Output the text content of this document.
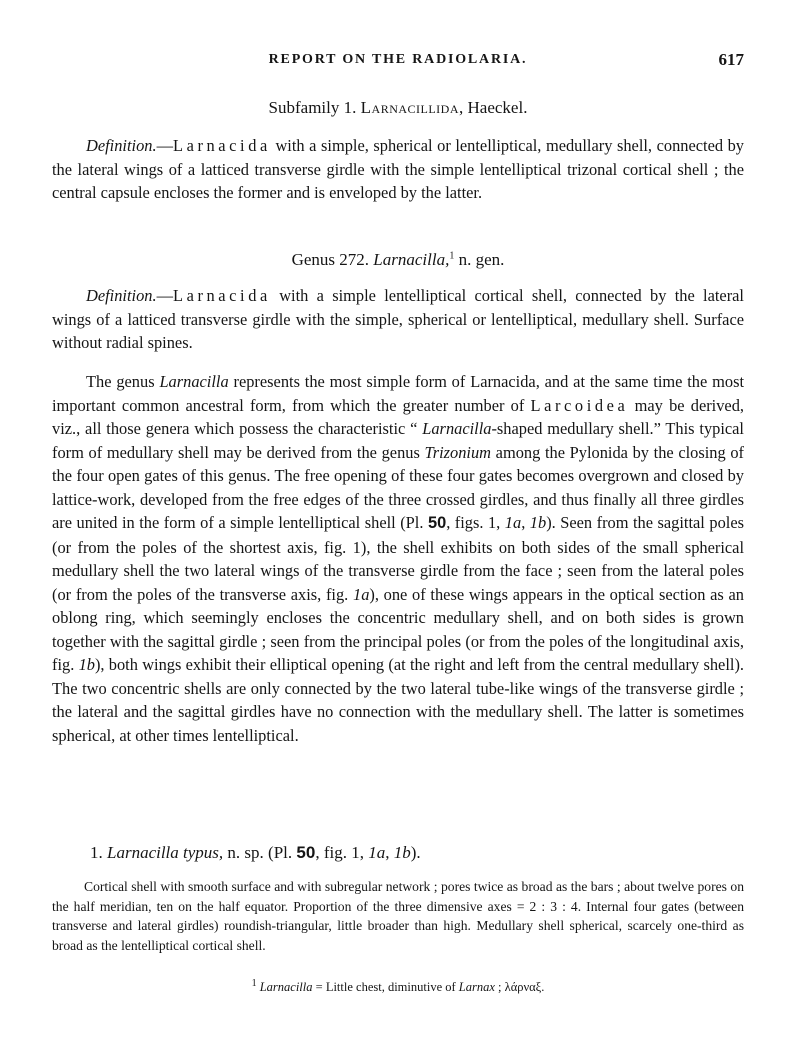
REPORT ON THE RADIOLARIA.	617
Subfamily 1. Larnacillida, Haeckel.

Definition.—Larnacida with a simple, spherical or lentelliptical, medullary shell, connected by the lateral wings of a latticed transverse girdle with the simple lentelliptical trizonal cortical shell ; the central capsule encloses the former and is enveloped by the latter.

Genus 272. Larnacilla,$^1$ n. gen.

Definition.—Larnacida with a simple lentelliptical cortical shell, connected by the lateral wings of a latticed transverse girdle with the simple, spherical or lentelliptical, medullary shell. Surface without radial spines.

The genus Larnacilla represents the most simple form of Larnacida, and at the same time the most important common ancestral form, from which the greater number of Larcoidea may be derived, viz., all those genera which possess the characteristic “ Larnacilla-shaped medullary shell.” This typical form of medullary shell may be derived from the genus Trizonium among the Pylonida by the closing of the four open gates of this genus. The free opening of these four gates becomes overgrown and closed by lattice-work, developed from the free edges of the three crossed girdles, and thus finally all three girdles are united in the form of a simple lentelliptical shell (Pl. 50, figs. 1, 1a, 1b). Seen from the sagittal poles (or from the poles of the shortest axis, fig. 1), the shell exhibits on both sides of the small spherical medullary shell the two lateral wings of the transverse girdle from the face ; seen from the lateral poles (or from the poles of the transverse axis, fig. 1a), one of these wings appears in the optical section as an oblong ring, which seemingly encloses the concentric medullary shell, and on both sides is grown together with the sagittal girdle ; seen from the principal poles (or from the poles of the longitudinal axis, fig. 1b), both wings exhibit their elliptical opening (at the right and left from the central medullary shell). The two concentric shells are only connected by the two lateral tube-like wings of the transverse girdle ; the lateral and the sagittal girdles have no connection with the medullary shell. The latter is sometimes spherical, at other times lentelliptical.

1. Larnacilla typus, n. sp. (Pl. 50, fig. 1, 1a, 1b).

Cortical shell with smooth surface and with subregular network ; pores twice as broad as the bars ; about twelve pores on the half meridian, ten on the half equator. Proportion of the three dimensive axes = 2 : 3 : 4. Internal four gates (between transverse and lateral girdles) roundish-triangular, little broader than high. Medullary shell spherical, scarcely one-third as broad as the lentelliptical cortical shell.

$^1$ Larnacilla = Little chest, diminutive of Larnax ; λάρναξ.
